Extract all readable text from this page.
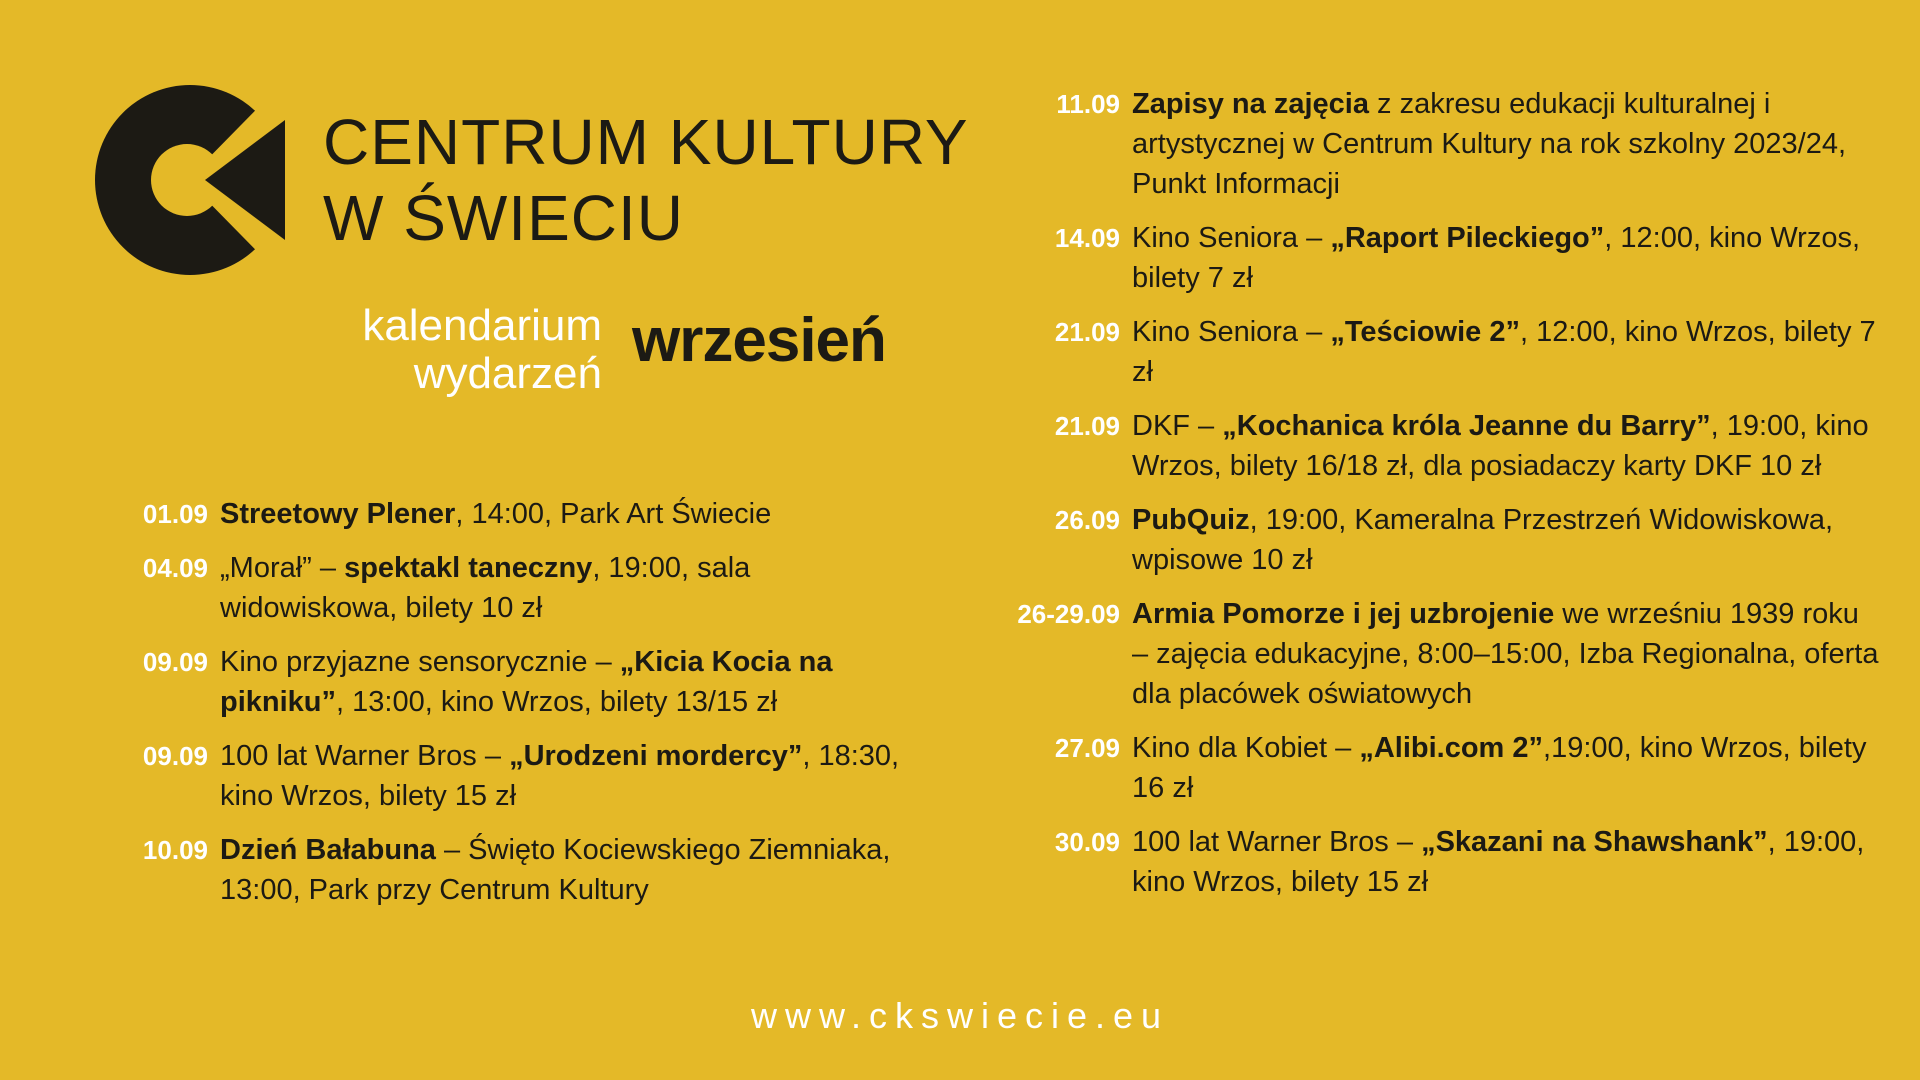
CENTRUM KULTURY
W ŚWIECIU
kalendarium
wydarzeń wrzesień
01.09 Streetowy Plener, 14:00, Park Art Świecie
04.09 „Morał” – spektakl taneczny, 19:00, sala widowiskowa, bilety 10 zł
09.09 Kino przyjazne sensorycznie – „Kicia Kocia na pikniku”, 13:00, kino Wrzos, bilety 13/15 zł
09.09 100 lat Warner Bros – „Urodzeni mordercy”, 18:30, kino Wrzos, bilety 15 zł
10.09 Dzień Bałabuna – Święto Kociewskiego Ziemniaka, 13:00, Park przy Centrum Kultury
11.09 Zapisy na zajęcia z zakresu edukacji kulturalnej i artystycznej w Centrum Kultury na rok szkolny 2023/24, Punkt Informacji
14.09 Kino Seniora – „Raport Pileckiego”, 12:00, kino Wrzos, bilety 7 zł
21.09 Kino Seniora – „Teściowie 2”, 12:00, kino Wrzos, bilety 7 zł
21.09 DKF – „Kochanica króla Jeanne du Barry”, 19:00, kino Wrzos, bilety 16/18 zł, dla posiadaczy karty DKF 10 zł
26.09 PubQuiz, 19:00, Kameralna Przestrzeń Widowiskowa, wpisowe 10 zł
26-29.09 Armia Pomorze i jej uzbrojenie we wrześniu 1939 roku – zajęcia edukacyjne, 8:00–15:00, Izba Regionalna, oferta dla placówek oświatowych
27.09 Kino dla Kobiet – „Alibi.com 2”,19:00, kino Wrzos, bilety 16 zł
30.09 100 lat Warner Bros – „Skazani na Shawshank”, 19:00, kino Wrzos, bilety 15 zł
www.ckswiecie.eu
